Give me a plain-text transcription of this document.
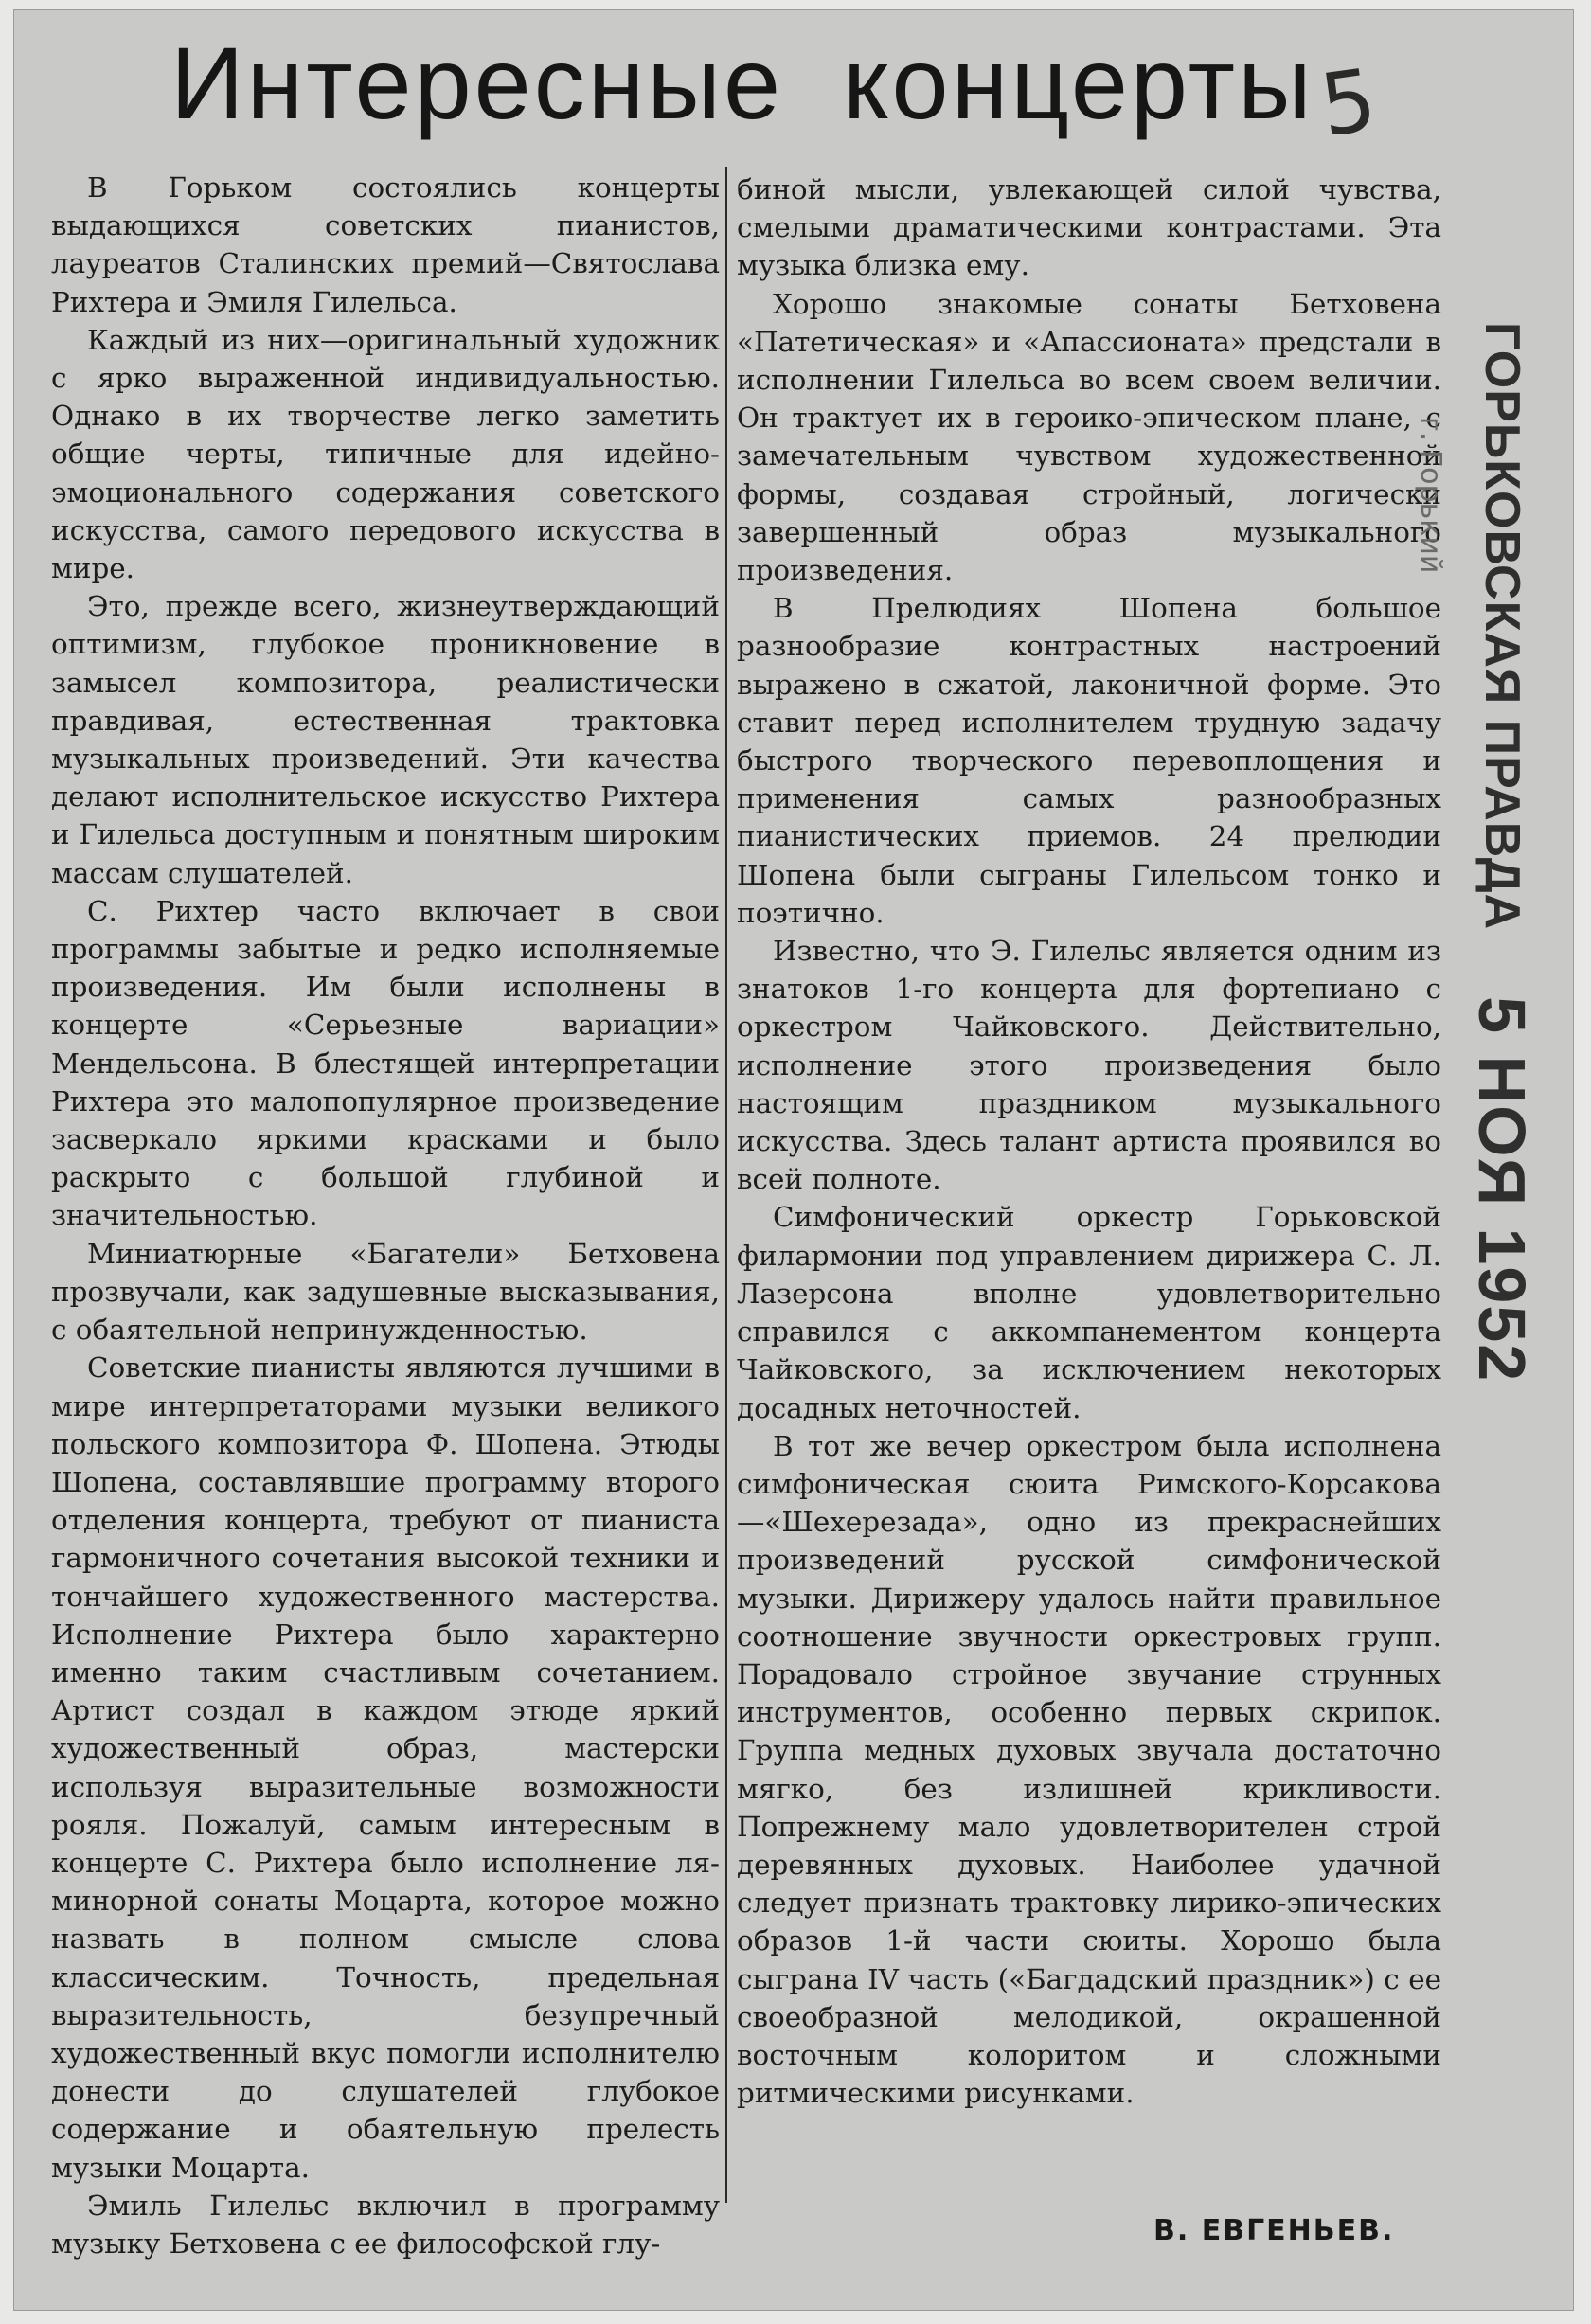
Интересные концерты 5

В Горьком состоялись концерты выдающихся советских пианистов, лауреатов Сталинских премий—Святослава Рихтера и Эмиля Гилельса.

Каждый из них—оригинальный художник с ярко выраженной индивидуальностью. Однако в их творчестве легко заметить общие черты, типичные для идейно-эмоционального содержания советского искусства, самого передового искусства в мире.

Это, прежде всего, жизнеутверждающий оптимизм, глубокое проникновение в замысел композитора, реалистически правдивая, естественная трактовка музыкальных произведений. Эти качества делают исполнительское искусство Рихтера и Гилельса доступным и понятным широким массам слушателей.

С. Рихтер часто включает в свои программы забытые и редко исполняемые произведения. Им были исполнены в концерте «Серьезные вариации» Мендельсона. В блестящей интерпретации Рихтера это малопопулярное произведение засверкало яркими красками и было раскрыто с большой глубиной и значительностью.

Миниатюрные «Багатели» Бетховена прозвучали, как задушевные высказывания, с обаятельной непринужденностью.

Советские пианисты являются лучшими в мире интерпретаторами музыки великого польского композитора Ф. Шопена. Этюды Шопена, составлявшие программу второго отделения концерта, требуют от пианиста гармоничного сочетания высокой техники и тончайшего художественного мастерства. Исполнение Рихтера было характерно именно таким счастливым сочетанием. Артист создал в каждом этюде яркий художественный образ, мастерски используя выразительные возможности рояля. Пожалуй, самым интересным в концерте С. Рихтера было исполнение ля-минорной сонаты Моцарта, которое можно назвать в полном смысле слова классическим. Точность, предельная выразительность, безупречный художественный вкус помогли исполнителю донести до слушателей глубокое содержание и обаятельную прелесть музыки Моцарта.

Эмиль Гилельс включил в программу музыку Бетховена с ее философской глу-

биной мысли, увлекающей силой чувства, смелыми драматическими контрастами. Эта музыка близка ему.

Хорошо знакомые сонаты Бетховена «Патетическая» и «Апассионата» предстали в исполнении Гилельса во всем своем величии. Он трактует их в героико-эпическом плане, с замечательным чувством художественной формы, создавая стройный, логически завершенный образ музыкального произведения.

В Прелюдиях Шопена большое разнообразие контрастных настроений выражено в сжатой, лаконичной форме. Это ставит перед исполнителем трудную задачу быстрого творческого перевоплощения и применения самых разнообразных пианистических приемов. 24 прелюдии Шопена были сыграны Гилельсом тонко и поэтично.

Известно, что Э. Гилельс является одним из знатоков 1-го концерта для фортепиано с оркестром Чайковского. Действительно, исполнение этого произведения было настоящим праздником музыкального искусства. Здесь талант артиста проявился во всей полноте.

Симфонический оркестр Горьковской филармонии под управлением дирижера С. Л. Лазерсона вполне удовлетворительно справился с аккомпанементом концерта Чайковского, за исключением некоторых досадных неточностей.

В тот же вечер оркестром была исполнена симфоническая сюита Римского-Корсакова—«Шехерезада», одно из прекраснейших произведений русской симфонической музыки. Дирижеру удалось найти правильное соотношение звучности оркестровых групп. Порадовало стройное звучание струнных инструментов, особенно первых скрипок. Группа медных духовых звучала достаточно мягко, без излишней крикливости. Попрежнему мало удовлетворителен строй деревянных духовых. Наиболее удачной следует признать трактовку лирико-эпических образов 1-й части сюиты. Хорошо была сыграна IV часть («Багдадский праздник») с ее своеобразной мелодикой, окрашенной восточным колоритом и сложными ритмическими рисунками.

В. ЕВГЕНЬЕВ.
ГОРЬКОВСКАЯ ПРАВДА
5 НОЯ 1952
г. Горький
